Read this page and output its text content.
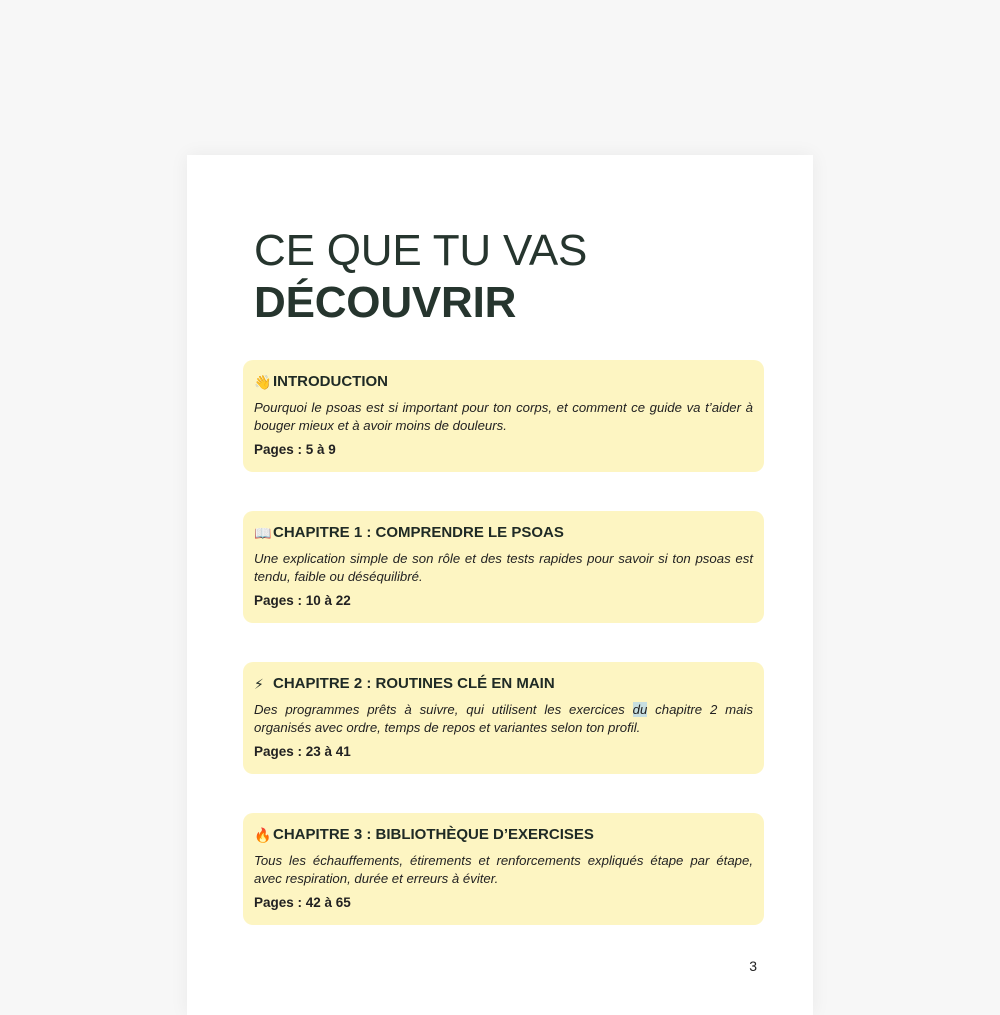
CE QUE TU VAS
DÉCOUVRIR
👋 INTRODUCTION
Pourquoi le psoas est si important pour ton corps, et comment ce guide va t’aider à bouger mieux et à avoir moins de douleurs.
Pages : 5 à 9
📖 CHAPITRE 1 : COMPRENDRE LE PSOAS
Une explication simple de son rôle et des tests rapides pour savoir si ton psoas est tendu, faible ou déséquilibré.
Pages : 10 à 22
⚡ CHAPITRE 2 : ROUTINES CLÉ EN MAIN
Des programmes prêts à suivre, qui utilisent les exercices du chapitre 2 mais organisés avec ordre, temps de repos et variantes selon ton profil.
Pages : 23 à 41
🔥 CHAPITRE 3 : BIBLIOTHÈQUE D’EXERCISES
Tous les échauffements, étirements et renforcements expliqués étape par étape, avec respiration, durée et erreurs à éviter.
Pages : 42 à 65
3
